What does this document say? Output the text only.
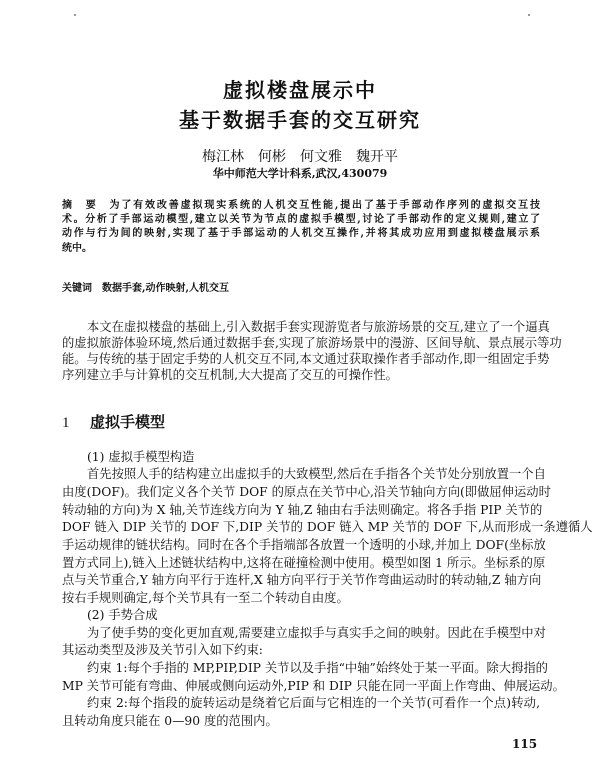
虚拟楼盘展示中
基于数据手套的交互研究
梅江林　何彬　何文雅　魏开平
华中师范大学计科系,武汉,430079
摘　要　为了有效改善虚拟现实系统的人机交互性能,提出了基于手部动作序列的虚拟交互技
术。分析了手部运动模型,建立以关节为节点的虚拟手模型,讨论了手部动作的定义规则,建立了
动作与行为间的映射,实现了基于手部运动的人机交互操作,并将其成功应用到虚拟楼盘展示系
统中。
关键词　数据手套,动作映射,人机交互
本文在虚拟楼盘的基础上,引入数据手套实现游览者与旅游场景的交互,建立了一个逼真
的虚拟旅游体验环境,然后通过数据手套,实现了旅游场景中的漫游、区间导航、景点展示等功
能。与传统的基于固定手势的人机交互不同,本文通过获取操作者手部动作,即一组固定手势
序列建立手与计算机的交互机制,大大提高了交互的可操作性。
1 虚拟手模型
(1) 虚拟手模型构造
首先按照人手的结构建立出虚拟手的大致模型,然后在手指各个关节处分别放置一个自
由度(DOF)。我们定义各个关节 DOF 的原点在关节中心,沿关节轴向方向(即做屈伸运动时
转动轴的方向)为 X 轴,关节连线方向为 Y 轴,Z 轴由右手法则确定。将各手指 PIP 关节的
DOF 链入 DIP 关节的 DOF 下,DIP 关节的 DOF 链入 MP 关节的 DOF 下,从而形成一条遵循人
手运动规律的链状结构。同时在各个手指端部各放置一个透明的小球,并加上 DOF(坐标放
置方式同上),链入上述链状结构中,这将在碰撞检测中使用。模型如图 1 所示。坐标系的原
点与关节重合,Y 轴方向平行于连杆,X 轴方向平行于关节作弯曲运动时的转动轴,Z 轴方向
按右手规则确定,每个关节具有一至二个转动自由度。
(2) 手势合成
为了使手势的变化更加直观,需要建立虚拟手与真实手之间的映射。因此在手模型中对
其运动类型及涉及关节引入如下约束:
约束 1:每个手指的 MP,PIP,DIP 关节以及手指“中轴”始终处于某一平面。除大拇指的
MP 关节可能有弯曲、伸展或侧向运动外,PIP 和 DIP 只能在同一平面上作弯曲、伸展运动。
约束 2:每个指段的旋转运动是绕着它后面与它相连的一个关节(可看作一个点)转动,
且转动角度只能在 0—90 度的范围内。
115
